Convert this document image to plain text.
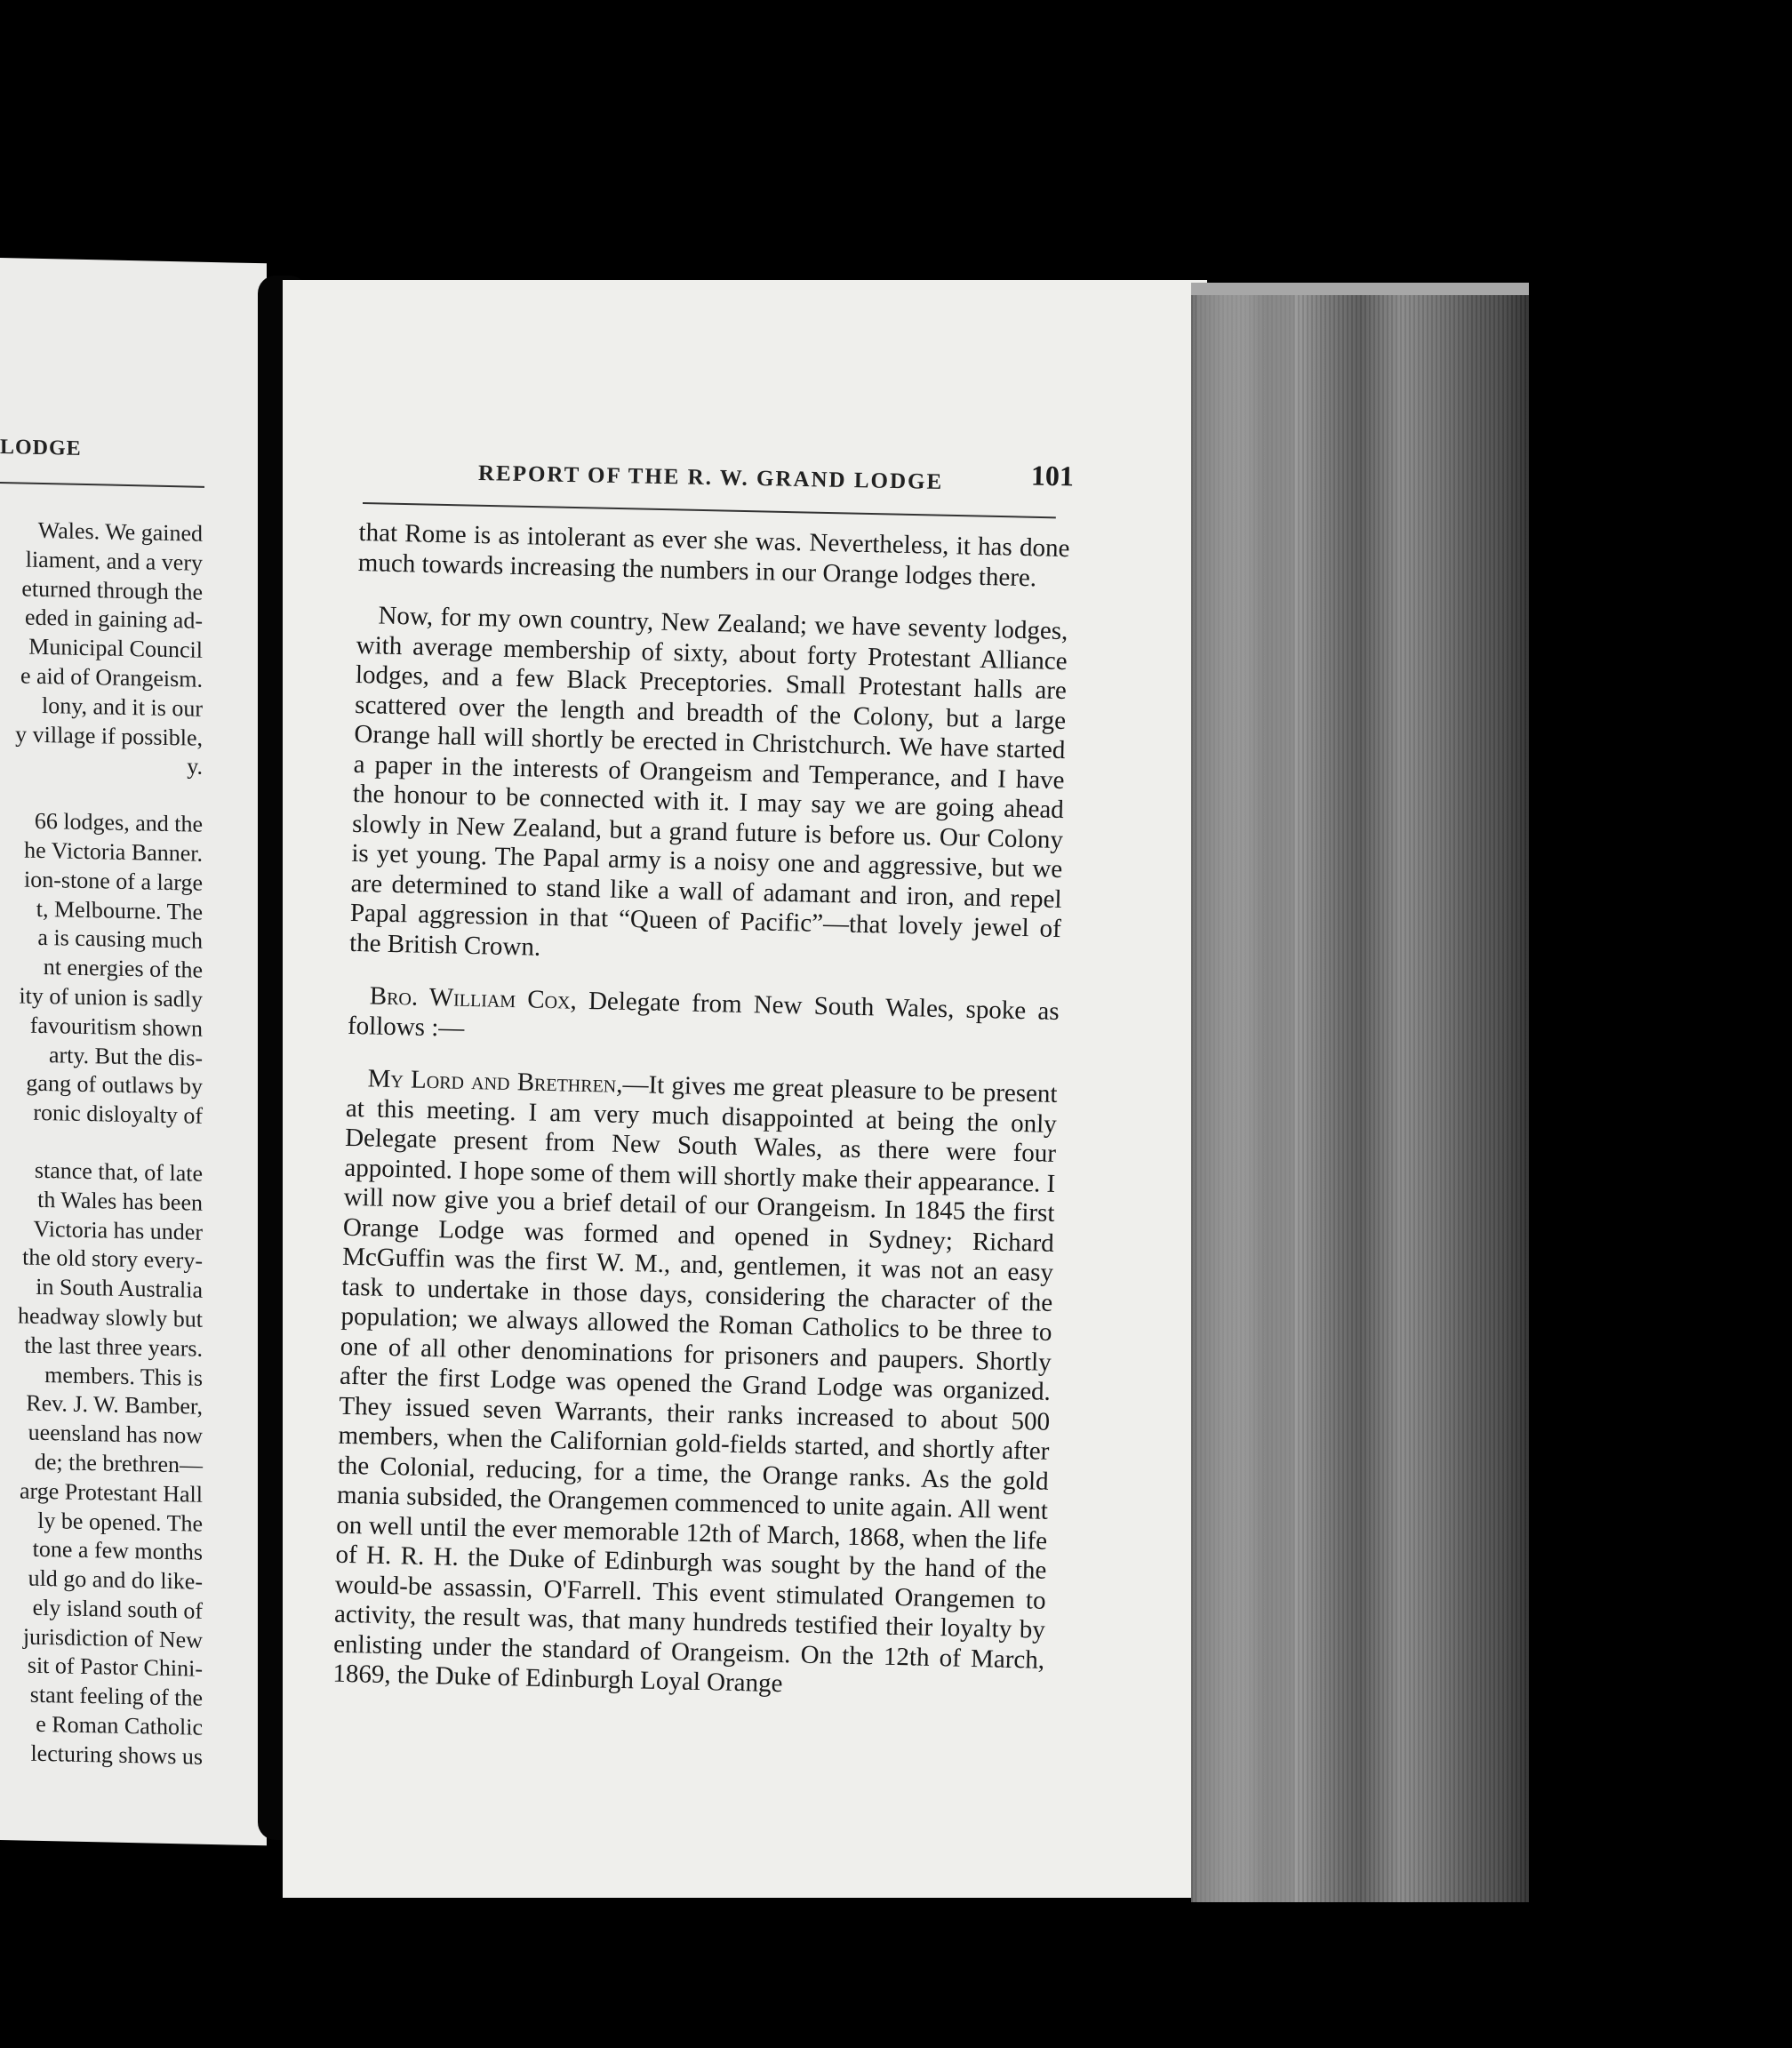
LODGE

Wales. We gained

liament, and a very

eturned through the

eded in gaining ad-

Municipal Council

e aid of Orangeism.

lony, and it is our

y village if possible,

y.

66 lodges, and the

he Victoria Banner.

ion-stone of a large

t, Melbourne. The

a is causing much

nt energies of the

ity of union is sadly

favouritism shown

arty. But the dis-

gang of outlaws by

ronic disloyalty of

stance that, of late

th Wales has been

Victoria has under

the old story every-

in South Australia

headway slowly but

the last three years.

members. This is

Rev. J. W. Bamber,

ueensland has now

de; the brethren—

arge Protestant Hall

ly be opened. The

tone a few months

uld go and do like-

ely island south of

jurisdiction of New

sit of Pastor Chini-

stant feeling of the

e Roman Catholic

lecturing shows us

REPORT OF THE R. W. GRAND LODGE	101

that Rome is as intolerant as ever she was. Nevertheless, it has done much towards increasing the numbers in our Orange lodges there.

Now, for my own country, New Zealand; we have seventy lodges, with average membership of sixty, about forty Protestant Alliance lodges, and a few Black Preceptories. Small Protestant halls are scattered over the length and breadth of the Colony, but a large Orange hall will shortly be erected in Christchurch. We have started a paper in the interests of Orangeism and Temperance, and I have the honour to be connected with it. I may say we are going ahead slowly in New Zealand, but a grand future is before us. Our Colony is yet young. The Papal army is a noisy one and aggressive, but we are determined to stand like a wall of adamant and iron, and repel Papal aggression in that “Queen of Pacific”—that lovely jewel of the British Crown.

Bro. William Cox, Delegate from New South Wales, spoke as follows :—

My Lord and Brethren,—It gives me great pleasure to be present at this meeting. I am very much disappointed at being the only Delegate present from New South Wales, as there were four appointed. I hope some of them will shortly make their appearance. I will now give you a brief detail of our Orangeism. In 1845 the first Orange Lodge was formed and opened in Sydney; Richard McGuffin was the first W. M., and, gentlemen, it was not an easy task to undertake in those days, considering the character of the population; we always allowed the Roman Catholics to be three to one of all other denominations for prisoners and paupers. Shortly after the first Lodge was opened the Grand Lodge was organized. They issued seven Warrants, their ranks increased to about 500 members, when the Californian gold-fields started, and shortly after the Colonial, reducing, for a time, the Orange ranks. As the gold mania subsided, the Orangemen commenced to unite again. All went on well until the ever memorable 12th of March, 1868, when the life of H. R. H. the Duke of Edinburgh was sought by the hand of the would-be assassin, O'Farrell. This event stimulated Orangemen to activity, the result was, that many hundreds testified their loyalty by enlisting under the standard of Orangeism. On the 12th of March, 1869, the Duke of Edinburgh Loyal Orange
